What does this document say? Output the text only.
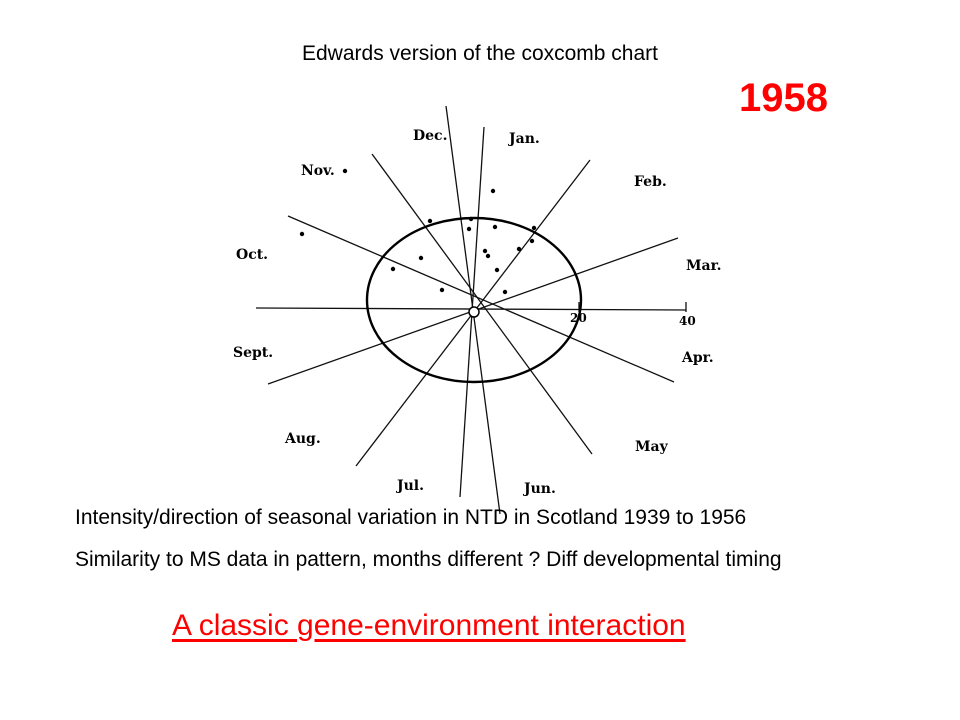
Edwards version of the coxcomb chart
1958
Jan.
Feb.
Mar.
Apr.
May
Jun.
Jul.
Aug.
Sept.
Oct.
Nov.
Dec.
20	40
Intensity/direction of seasonal variation in NTD in Scotland 1939 to 1956
Similarity to MS data in pattern, months different ? Diff developmental timing
A classic gene-environment interaction
